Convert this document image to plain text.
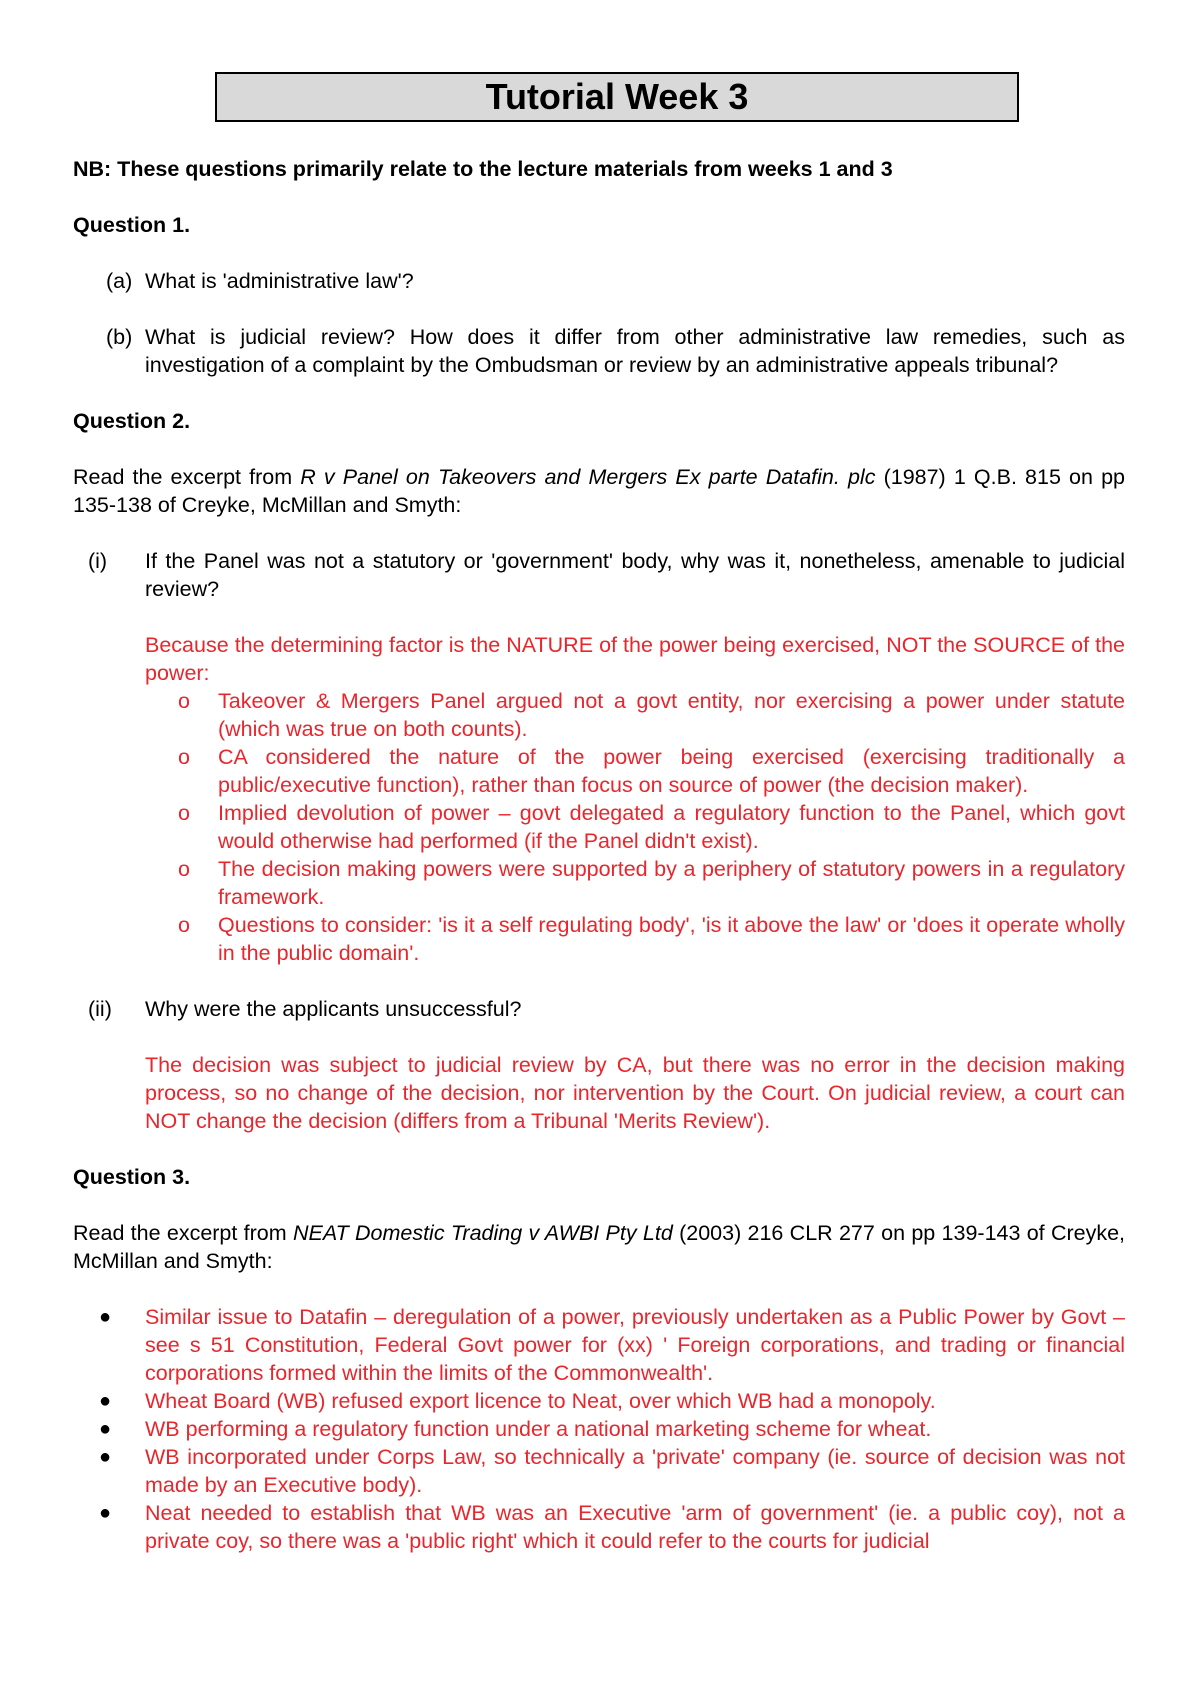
Tutorial Week 3

NB: These questions primarily relate to the lecture materials from weeks 1 and 3

Question 1.

(a) What is 'administrative law'?
(b) What is judicial review? How does it differ from other administrative law remedies, such as investigation of a complaint by the Ombudsman or review by an administrative appeals tribunal?

Question 2.

Read the excerpt from R v Panel on Takeovers and Mergers Ex parte Datafin. plc (1987) 1 Q.B. 815 on pp 135-138 of Creyke, McMillan and Smyth:

(i)	If the Panel was not a statutory or 'government' body, why was it, nonetheless, amenable to judicial review?

Because the determining factor is the NATURE of the power being exercised, NOT the SOURCE of the power:

o	Takeover & Mergers Panel argued not a govt entity, nor exercising a power under statute (which was true on both counts).
o	CA considered the nature of the power being exercised (exercising traditionally a public/executive function), rather than focus on source of power (the decision maker).
o	Implied devolution of power – govt delegated a regulatory function to the Panel, which govt would otherwise had performed (if the Panel didn't exist).
o	The decision making powers were supported by a periphery of statutory powers in a regulatory framework.
o	Questions to consider: 'is it a self regulating body', 'is it above the law' or 'does it operate wholly in the public domain'.
(ii)	Why were the applicants unsuccessful?

The decision was subject to judicial review by CA, but there was no error in the decision making process, so no change of the decision, nor intervention by the Court. On judicial review, a court can NOT change the decision (differs from a Tribunal 'Merits Review').

Question 3.

Read the excerpt from NEAT Domestic Trading v AWBI Pty Ltd (2003) 216 CLR 277 on pp 139-143 of Creyke, McMillan and Smyth:

●	Similar issue to Datafin – deregulation of a power, previously undertaken as a Public Power by Govt – see s 51 Constitution, Federal Govt power for (xx) ' Foreign corporations, and trading or financial corporations formed within the limits of the Commonwealth'.
●	Wheat Board (WB) refused export licence to Neat, over which WB had a monopoly.
●	WB performing a regulatory function under a national marketing scheme for wheat.
●	WB incorporated under Corps Law, so technically a 'private' company (ie. source of decision was not made by an Executive body).
●	Neat needed to establish that WB was an Executive 'arm of government' (ie. a public coy), not a private coy, so there was a 'public right' which it could refer to the courts for judicial
